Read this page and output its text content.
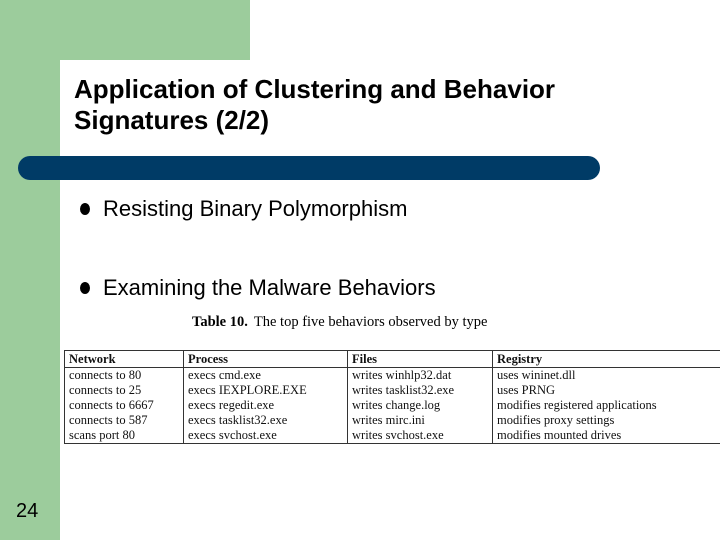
Application of Clustering and Behavior
Signatures (2/2)
Resisting Binary Polymorphism
Examining the Malware Behaviors
Table 10. The top five behaviors observed by type
Network	Process	Files	Registry
connects to 80	execs cmd.exe	writes winhlp32.dat	uses wininet.dll
connects to 25	execs IEXPLORE.EXE	writes tasklist32.exe	uses PRNG
connects to 6667	execs regedit.exe	writes change.log	modifies registered applications
connects to 587	execs tasklist32.exe	writes mirc.ini	modifies proxy settings
scans port 80	execs svchost.exe	writes svchost.exe	modifies mounted drives
24
